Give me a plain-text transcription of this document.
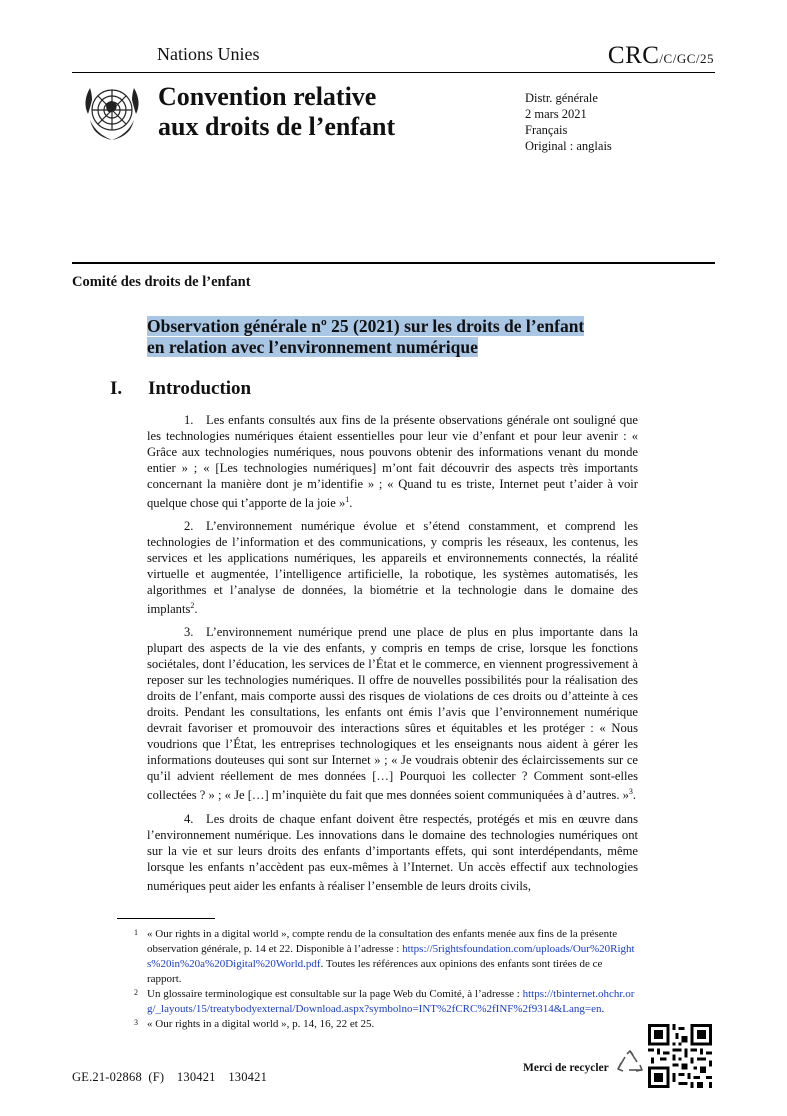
Nations Unies	CRC/C/GC/25
Convention relative
aux droits de l’enfant
Distr. générale
2 mars 2021
Français
Original : anglais
Comité des droits de l’enfant
Observation générale nº 25 (2021) sur les droits de l’enfant
en relation avec l’environnement numérique
I. Introduction

1. Les enfants consultés aux fins de la présente observations générale ont souligné que les technologies numériques étaient essentielles pour leur vie d’enfant et pour leur avenir : « Grâce aux technologies numériques, nous pouvons obtenir des informations venant du monde entier » ; « [Les technologies numériques] m’ont fait découvrir des aspects très importants concernant la manière dont je m’identifie » ; « Quand tu es triste, Internet peut t’aider à voir quelque chose qui t’apporte de la joie »$^1$.

2. L’environnement numérique évolue et s’étend constamment, et comprend les technologies de l’information et des communications, y compris les réseaux, les contenus, les services et les applications numériques, les appareils et environnements connectés, la réalité virtuelle et augmentée, l’intelligence artificielle, la robotique, les systèmes automatisés, les algorithmes et l’analyse de données, la biométrie et la technologie dans le domaine des implants$^2$.

3. L’environnement numérique prend une place de plus en plus importante dans la plupart des aspects de la vie des enfants, y compris en temps de crise, lorsque les fonctions sociétales, dont l’éducation, les services de l’État et le commerce, en viennent progressivement à reposer sur les technologies numériques. Il offre de nouvelles possibilités pour la réalisation des droits de l’enfant, mais comporte aussi des risques de violations de ces droits ou d’atteinte à ces droits. Pendant les consultations, les enfants ont émis l’avis que l’environnement numérique devrait favoriser et promouvoir des interactions sûres et équitables et les protéger : « Nous voudrions que l’État, les entreprises technologiques et les enseignants nous aident à gérer les informations douteuses qui sont sur Internet » ; « Je voudrais obtenir des éclaircissements sur ce qu’il advient réellement de mes données […] Pourquoi les collecter ? Comment sont-elles collectées ? » ; « Je […] m’inquiète du fait que mes données soient communiquées à d’autres. »$^3$.

4. Les droits de chaque enfant doivent être respectés, protégés et mis en œuvre dans l’environnement numérique. Les innovations dans le domaine des technologies numériques ont sur la vie et sur leurs droits des enfants d’importants effets, qui sont interdépendants, même lorsque les enfants n’accèdent pas eux-mêmes à l’Internet. Un accès effectif aux technologies numériques peut aider les enfants à réaliser l’ensemble de leurs droits civils,

1 « Our rights in a digital world », compte rendu de la consultation des enfants menée aux fins de la présente observation générale, p. 14 et 22. Disponible à l’adresse : https://5rightsfoundation.com/uploads/Our%20Rights%20in%20a%20Digital%20World.pdf. Toutes les références aux opinions des enfants sont tirées de ce rapport.
2 Un glossaire terminologique est consultable sur la page Web du Comité, à l’adresse : https://tbinternet.ohchr.org/_layouts/15/treatybodyexternal/Download.aspx?symbolno=INT%2fCRC%2fINF%2f9314&Lang=en.
3 « Our rights in a digital world », p. 14, 16, 22 et 25.
GE.21-02868 (F) 130421 130421
Merci de recycler
